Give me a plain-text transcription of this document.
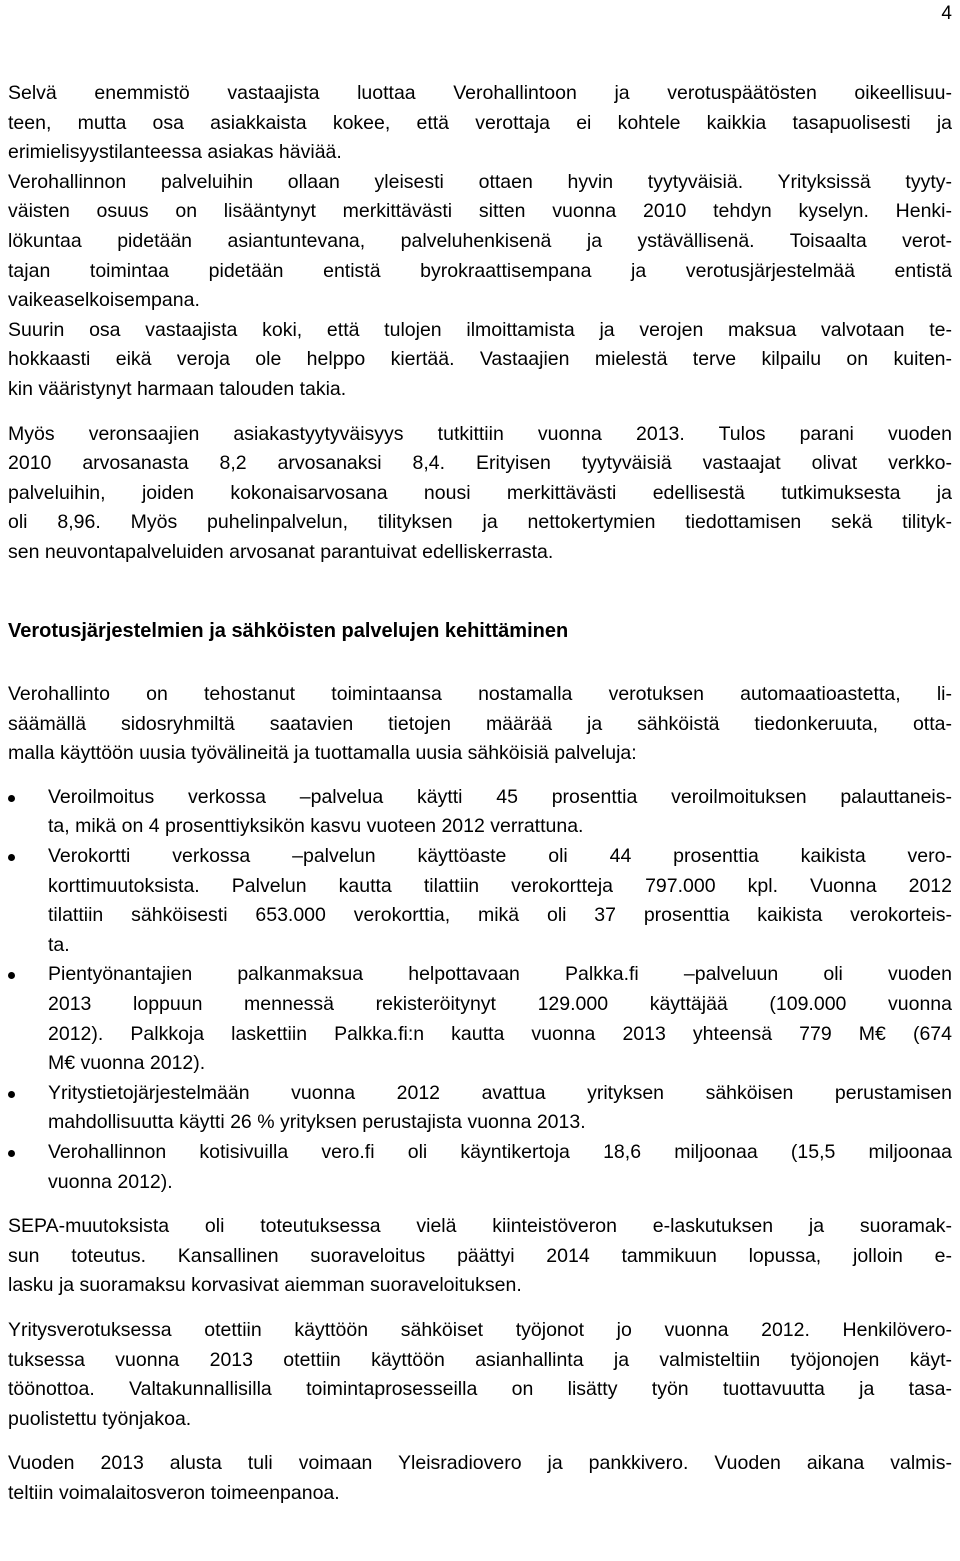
4
Selvä enemmistö vastaajista luottaa Verohallintoon ja verotuspäätösten oikeellisuu-
teen, mutta osa asiakkaista kokee, että verottaja ei kohtele kaikkia tasapuolisesti ja
erimielisyystilanteessa asiakas häviää.
Verohallinnon palveluihin ollaan yleisesti ottaen hyvin tyytyväisiä. Yrityksissä tyyty-
väisten osuus on lisääntynyt merkittävästi sitten vuonna 2010 tehdyn kyselyn. Henki-
lökuntaa pidetään asiantuntevana, palveluhenkisenä ja ystävällisenä. Toisaalta verot-
tajan toimintaa pidetään entistä byrokraattisempana ja verotusjärjestelmää entistä
vaikeaselkoisempana.
Suurin osa vastaajista koki, että tulojen ilmoittamista ja verojen maksua valvotaan te-
hokkaasti eikä veroja ole helppo kiertää. Vastaajien mielestä terve kilpailu on kuiten-
kin vääristynyt harmaan talouden takia.
Myös veronsaajien asiakastyytyväisyys tutkittiin vuonna 2013. Tulos parani vuoden
2010 arvosanasta 8,2 arvosanaksi 8,4. Erityisen tyytyväisiä vastaajat olivat verkko-
palveluihin, joiden kokonaisarvosana nousi merkittävästi edellisestä tutkimuksesta ja
oli 8,96. Myös puhelinpalvelun, tilityksen ja nettokertymien tiedottamisen sekä tilityk-
sen neuvontapalveluiden arvosanat parantuivat edelliskerrasta.
Verotusjärjestelmien ja sähköisten palvelujen kehittäminen
Verohallinto on tehostanut toimintaansa nostamalla verotuksen automaatioastetta, li-
säämällä sidosryhmiltä saatavien tietojen määrää ja sähköistä tiedonkeruuta, otta-
malla käyttöön uusia työvälineitä ja tuottamalla uusia sähköisiä palveluja:
Veroilmoitus verkossa –palvelua käytti 45 prosenttia veroilmoituksen palauttaneis-
ta, mikä on 4 prosenttiyksikön kasvu vuoteen 2012 verrattuna.
Verokortti verkossa –palvelun käyttöaste oli 44 prosenttia kaikista vero-
korttimuutoksista. Palvelun kautta tilattiin verokortteja 797.000 kpl. Vuonna 2012
tilattiin sähköisesti 653.000 verokorttia, mikä oli 37 prosenttia kaikista verokorteis-
ta.
Pientyönantajien palkanmaksua helpottavaan Palkka.fi –palveluun oli vuoden
2013 loppuun mennessä rekisteröitynyt 129.000 käyttäjää (109.000 vuonna
2012). Palkkoja laskettiin Palkka.fi:n kautta vuonna 2013 yhteensä 779 M€ (674
M€ vuonna 2012).
Yritystietojärjestelmään vuonna 2012 avattua yrityksen sähköisen perustamisen
mahdollisuutta käytti 26 % yrityksen perustajista vuonna 2013.
Verohallinnon kotisivuilla vero.fi oli käyntikertoja 18,6 miljoonaa (15,5 miljoonaa
vuonna 2012).
SEPA-muutoksista oli toteutuksessa vielä kiinteistöveron e-laskutuksen ja suoramak-
sun toteutus. Kansallinen suoraveloitus päättyi 2014 tammikuun lopussa, jolloin e-
lasku ja suoramaksu korvasivat aiemman suoraveloituksen.
Yritysverotuksessa otettiin käyttöön sähköiset työjonot jo vuonna 2012. Henkilövero-
tuksessa vuonna 2013 otettiin käyttöön asianhallinta ja valmisteltiin työjonojen käyt-
töönottoa. Valtakunnallisilla toimintaprosesseilla on lisätty työn tuottavuutta ja tasa-
puolistettu työnjakoa.
Vuoden 2013 alusta tuli voimaan Yleisradiovero ja pankkivero. Vuoden aikana valmis-
teltiin voimalaitosveron toimeenpanoa.
